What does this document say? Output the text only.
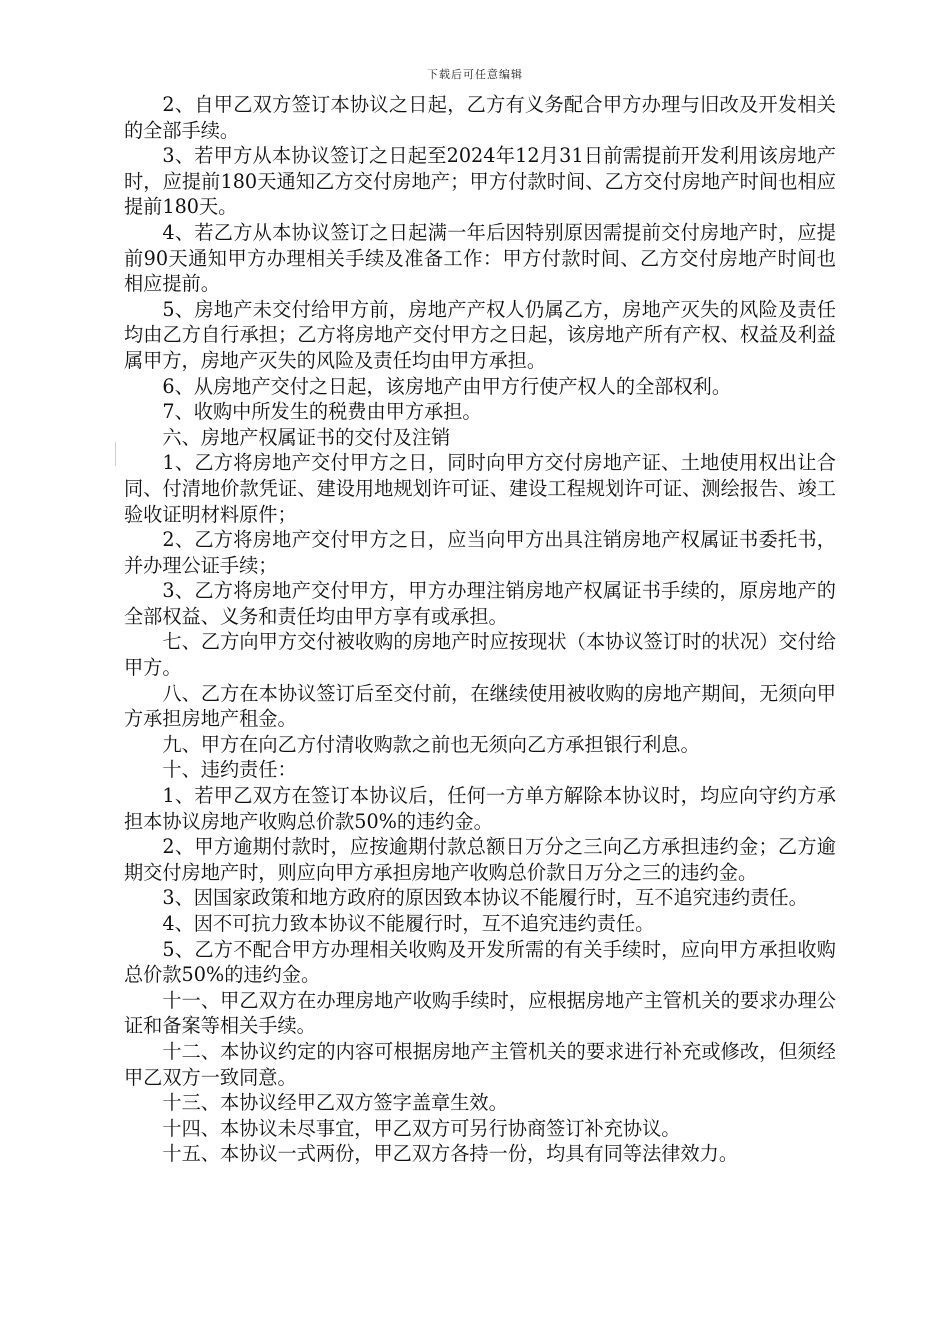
下载后可任意编辑

2、自甲乙双方签订本协议之日起，乙方有义务配合甲方办理与旧改及开发相关的全部手续。

3、若甲方从本协议签订之日起至2024年12月31日前需提前开发利用该房地产时，应提前180天通知乙方交付房地产；甲方付款时间、乙方交付房地产时间也相应提前180天。

4、若乙方从本协议签订之日起满一年后因特别原因需提前交付房地产时，应提前90天通知甲方办理相关手续及准备工作：甲方付款时间、乙方交付房地产时间也相应提前。

5、房地产未交付给甲方前，房地产产权人仍属乙方，房地产灭失的风险及责任均由乙方自行承担；乙方将房地产交付甲方之日起，该房地产所有产权、权益及利益属甲方，房地产灭失的风险及责任均由甲方承担。

6、从房地产交付之日起，该房地产由甲方行使产权人的全部权利。

7、收购中所发生的税费由甲方承担。

六、房地产权属证书的交付及注销

1、乙方将房地产交付甲方之日，同时向甲方交付房地产证、土地使用权出让合同、付清地价款凭证、建设用地规划许可证、建设工程规划许可证、测绘报告、竣工验收证明材料原件；

2、乙方将房地产交付甲方之日，应当向甲方出具注销房地产权属证书委托书，并办理公证手续；

3、乙方将房地产交付甲方，甲方办理注销房地产权属证书手续的，原房地产的全部权益、义务和责任均由甲方享有或承担。

七、乙方向甲方交付被收购的房地产时应按现状（本协议签订时的状况）交付给甲方。

八、乙方在本协议签订后至交付前，在继续使用被收购的房地产期间，无须向甲方承担房地产租金。

九、甲方在向乙方付清收购款之前也无须向乙方承担银行利息。

十、违约责任：

1、若甲乙双方在签订本协议后，任何一方单方解除本协议时，均应向守约方承担本协议房地产收购总价款50%的违约金。

2、甲方逾期付款时，应按逾期付款总额日万分之三向乙方承担违约金；乙方逾期交付房地产时，则应向甲方承担房地产收购总价款日万分之三的违约金。

3、因国家政策和地方政府的原因致本协议不能履行时，互不追究违约责任。

4、因不可抗力致本协议不能履行时，互不追究违约责任。

5、乙方不配合甲方办理相关收购及开发所需的有关手续时，应向甲方承担收购总价款50%的违约金。

十一、甲乙双方在办理房地产收购手续时，应根据房地产主管机关的要求办理公证和备案等相关手续。

十二、本协议约定的内容可根据房地产主管机关的要求进行补充或修改，但须经甲乙双方一致同意。

十三、本协议经甲乙双方签字盖章生效。

十四、本协议未尽事宜，甲乙双方可另行协商签订补充协议。

十五、本协议一式两份，甲乙双方各持一份，均具有同等法律效力。
